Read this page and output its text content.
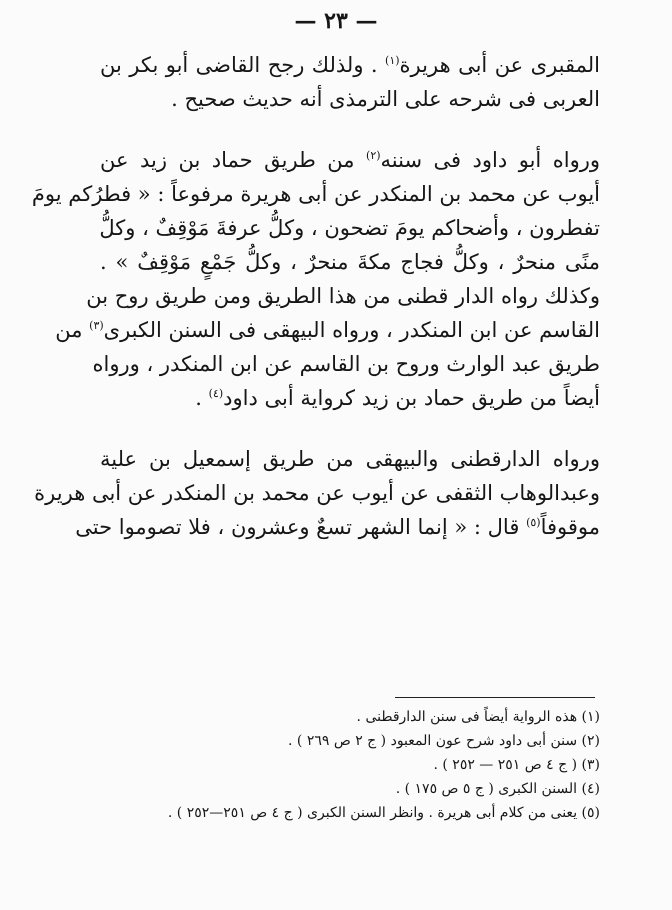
— ٢٣ —
المقبرى عن أبى هريرة$^{(١)}$ . ولذلك رجح القاضى أبو بكر بن
العربى فى شرحه على الترمذى أنه حديث صحيح .
ورواه أبو داود فى سننه$^{(٢)}$ من طريق حماد بن زيد عن
أيوب عن محمد بن المنكدر عن أبى هريرة مرفوعاً : « فطرُكم يومَ
تفطرون ، وأضحاكم يومَ تضحون ، وكلُّ عرفةَ مَوْقِفٌ ، وكلُّ
منًى منحرٌ ، وكلُّ فجاج مكةَ منحرٌ ، وكلُّ جَمْعٍ مَوْقِفٌ » .
وكذلك رواه الدار قطنى من هذا الطريق ومن طريق روح بن
القاسم عن ابن المنكدر ، ورواه البيهقى فى السنن الكبرى$^{(٣)}$ من
طريق عبد الوارث وروح بن القاسم عن ابن المنكدر ، ورواه
أيضاً من طريق حماد بن زيد كرواية أبى داود$^{(٤)}$ .
ورواه الدارقطنى والبيهقى من طريق إسمعيل بن علية
وعبدالوهاب الثقفى عن أيوب عن محمد بن المنكدر عن أبى هريرة
موقوفاً$^{(٥)}$ قال : « إنما الشهر تسعٌ وعشرون ، فلا تصوموا حتى
(١) هذه الرواية أيضاً فى سنن الدارقطنى .
(٢) سنن أبى داود شرح عون المعبود ( ج ٢ ص ٢٦٩ ) .
(٣) ( ج ٤ ص ٢٥١ — ٢٥٢ ) .
(٤) السنن الكبرى ( ج ٥ ص ١٧٥ ) .
(٥) يعنى من كلام أبى هريرة . وانظر السنن الكبرى ( ج ٤ ص ٢٥١—٢٥٢ ) .
